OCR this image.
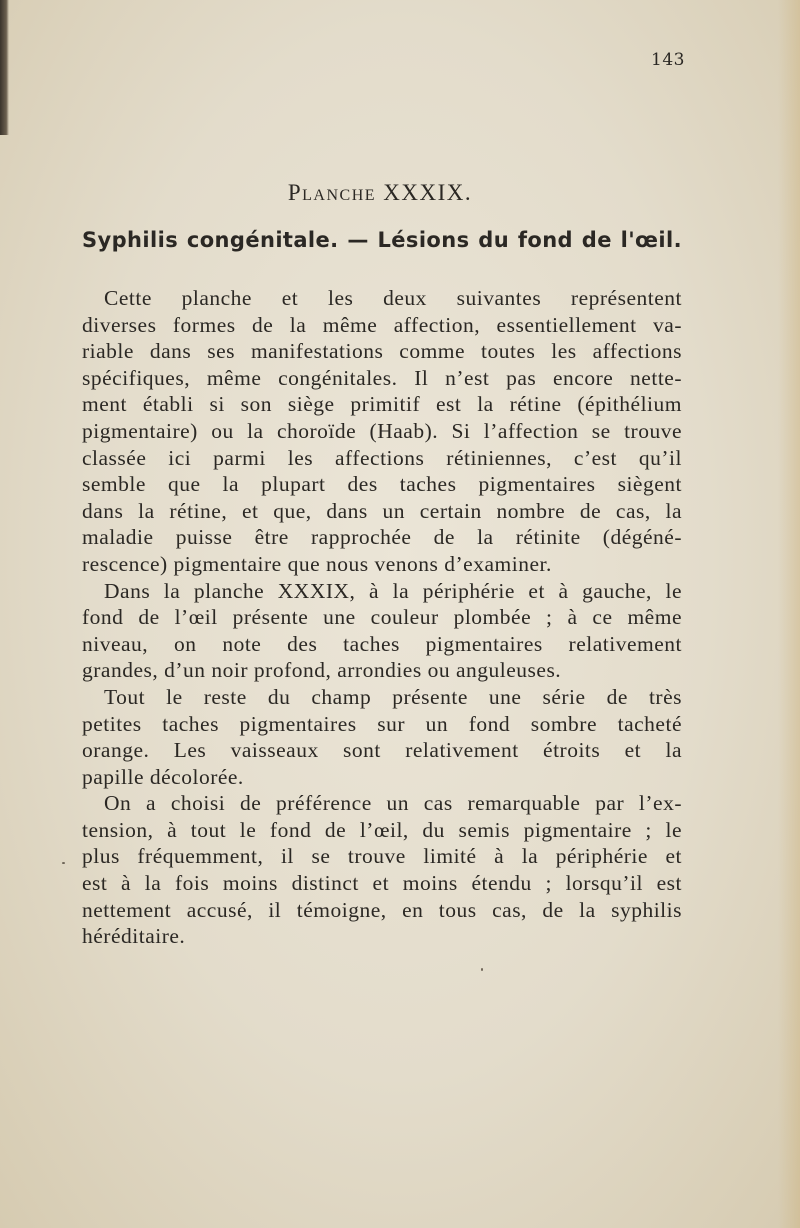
143
Planche XXXIX.
Syphilis congénitale. — Lésions du fond de l'œil.
Cette planche et les deux suivantes représentent
diverses formes de la même affection, essentiellement va-
riable dans ses manifestations comme toutes les affections
spécifiques, même congénitales. Il n’est pas encore nette-
ment établi si son siège primitif est la rétine (épithélium
pigmentaire) ou la choroïde (Haab). Si l’affection se trouve
classée ici parmi les affections rétiniennes, c’est qu’il
semble que la plupart des taches pigmentaires siègent
dans la rétine, et que, dans un certain nombre de cas, la
maladie puisse être rapprochée de la rétinite (dégéné-
rescence) pigmentaire que nous venons d’examiner.
Dans la planche XXXIX, à la périphérie et à gauche, le
fond de l’œil présente une couleur plombée ; à ce même
niveau, on note des taches pigmentaires relativement
grandes, d’un noir profond, arrondies ou anguleuses.
Tout le reste du champ présente une série de très
petites taches pigmentaires sur un fond sombre tacheté
orange. Les vaisseaux sont relativement étroits et la
papille décolorée.
On a choisi de préférence un cas remarquable par l’ex-
tension, à tout le fond de l’œil, du semis pigmentaire ; le
plus fréquemment, il se trouve limité à la périphérie et
est à la fois moins distinct et moins étendu ; lorsqu’il est
nettement accusé, il témoigne, en tous cas, de la syphilis
héréditaire.
